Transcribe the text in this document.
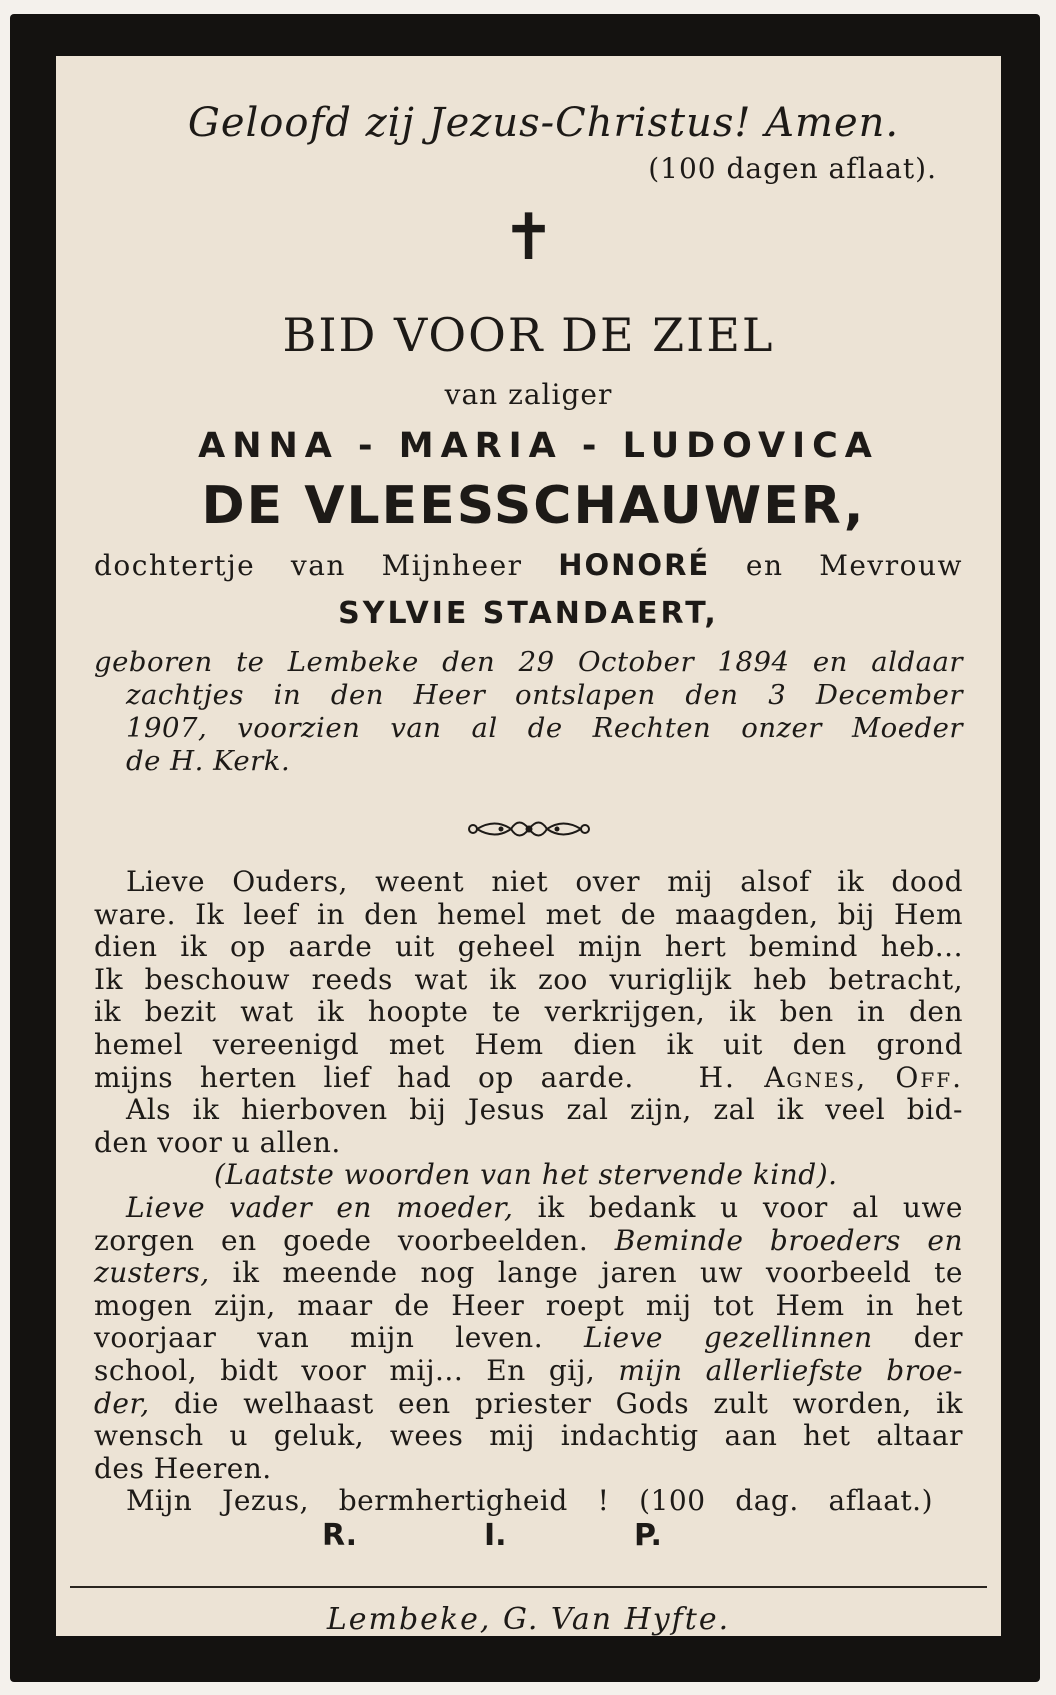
Geloofd zij Jezus-Christus! Amen.
(100 dagen aflaat).
✝
BID VOOR DE ZIEL
van zaliger
ANNA - MARIA - LUDOVICA
DE VLEESSCHAUWER,
dochtertje van Mijnheer HONORÉ en Mevrouw
SYLVIE STANDAERT,
geboren te Lembeke den 29 October 1894 en aldaar
zachtjes in den Heer ontslapen den 3 December
1907, voorzien van al de Rechten onzer Moeder
de H. Kerk.
Lieve Ouders, weent niet over mij alsof ik dood
ware. Ik leef in den hemel met de maagden, bij Hem
dien ik op aarde uit geheel mijn hert bemind heb...
Ik beschouw reeds wat ik zoo vuriglijk heb betracht,
ik bezit wat ik hoopte te verkrijgen, ik ben in den
hemel vereenigd met Hem dien ik uit den grond
mijns herten lief had op aarde. H. Agnes, Off.
Als ik hierboven bij Jesus zal zijn, zal ik veel bid-
den voor u allen.
(Laatste woorden van het stervende kind).
Lieve vader en moeder, ik bedank u voor al uwe
zorgen en goede voorbeelden. Beminde broeders en
zusters, ik meende nog lange jaren uw voorbeeld te
mogen zijn, maar de Heer roept mij tot Hem in het
voorjaar van mijn leven. Lieve gezellinnen der
school, bidt voor mij... En gij, mijn allerliefste broe-
der, die welhaast een priester Gods zult worden, ik
wensch u geluk, wees mij indachtig aan het altaar
des Heeren.
Mijn Jezus, bermhertigheid ! (100 dag. aflaat.)
R.	I.	P.
Lembeke, G. Van Hyfte.
